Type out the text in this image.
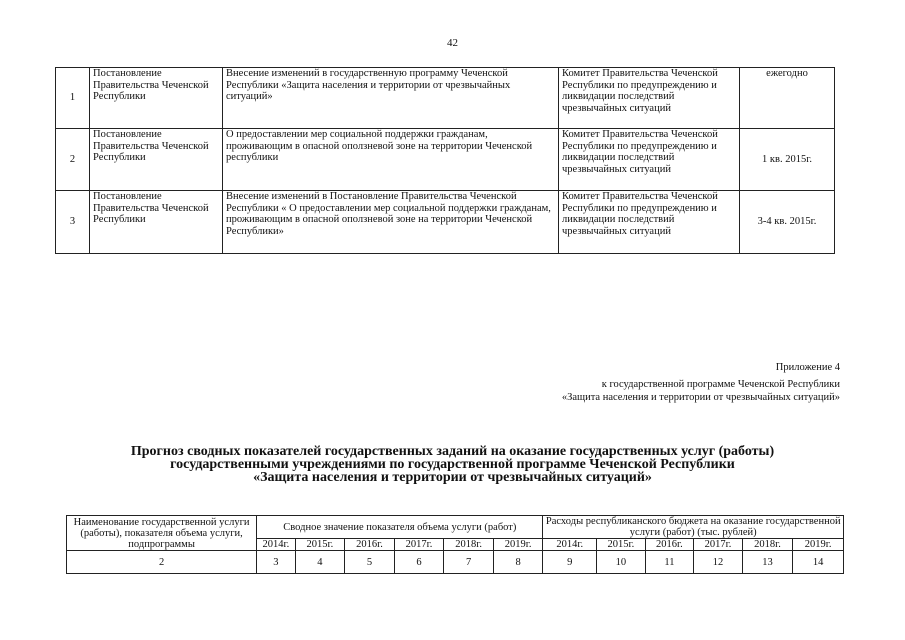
42
1	Постановление Правительства Чеченской Республики	Внесение изменений в государственную программу Чеченской Республики «Защита населения и территории от чрезвычайных ситуаций»	Комитет Правительства Чеченской Республики по предупреждению и ликвидации последствий чрезвычайных ситуаций	ежегодно
2	Постановление Правительства Чеченской Республики	О предоставлении мер социальной поддержки гражданам, проживающим в опасной оползневой зоне на территории Чеченской республики	Комитет Правительства Чеченской Республики по предупреждению и ликвидации последствий чрезвычайных ситуаций	1 кв. 2015г.
3	Постановление Правительства Чеченской Республики	Внесение изменений в Постановление Правительства Чеченской Республики « О предоставлении мер социальной поддержки гражданам, проживающим в опасной оползневой зоне на территории Чеченской Республики»	Комитет Правительства Чеченской Республики по предупреждению и ликвидации последствий чрезвычайных ситуаций	3-4 кв. 2015г.
Приложение 4
к государственной программе Чеченской Республики
«Защита населения и территории от чрезвычайных ситуаций»
Прогноз сводных показателей государственных заданий на оказание государственных услуг (работы)
государственными учреждениями по государственной программе Чеченской Республики
«Защита населения и территории от чрезвычайных ситуаций»
Наименование государственной услуги (работы), показателя объема услуги, подпрограммы	Сводное значение показателя объема услуги (работ)						Расходы республиканского бюджета на оказание государственной услуги (работ) (тыс. рублей)					
	2014г.	2015г.	2016г.	2017г.	2018г.	2019г.	2014г.	2015г.	2016г.	2017г.	2018г.	2019г.
2	3	4	5	6	7	8	9	10	11	12	13	14
